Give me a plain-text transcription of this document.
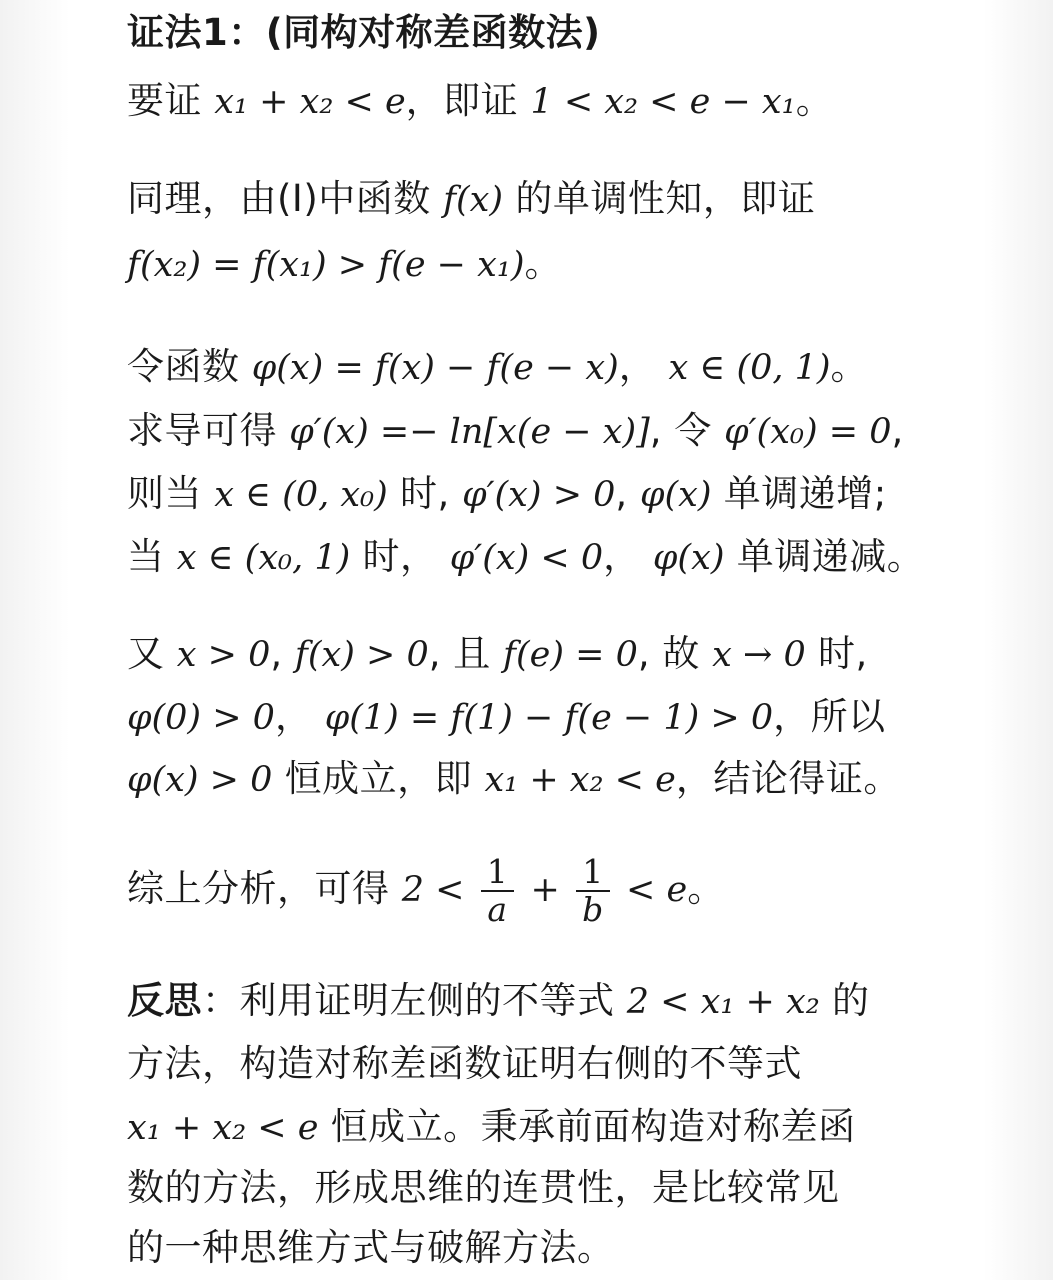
证法1：(同构对称差函数法)
要证 x₁ + x₂ < e，即证 1 < x₂ < e − x₁。
同理，由(Ⅰ)中函数 f(x) 的单调性知，即证
f(x₂) = f(x₁) > f(e − x₁)。
令函数 φ(x) = f(x) − f(e − x)， x ∈ (0, 1)。
求导可得 φ′(x) =− ln[x(e − x)], 令 φ′(x₀) = 0,
则当 x ∈ (0, x₀) 时, φ′(x) > 0, φ(x) 单调递增;
当 x ∈ (x₀, 1) 时， φ′(x) < 0， φ(x) 单调递减。
又 x > 0, f(x) > 0, 且 f(e) = 0, 故 x → 0 时,
φ(0) > 0， φ(1) = f(1) − f(e − 1) > 0，所以
φ(x) > 0 恒成立，即 x₁ + x₂ < e，结论得证。
综上分析，可得 $2 < \frac{1}{a} + \frac{1}{b} < e$。
反思：利用证明左侧的不等式 2 < x₁ + x₂ 的
方法，构造对称差函数证明右侧的不等式
x₁ + x₂ < e 恒成立。秉承前面构造对称差函
数的方法，形成思维的连贯性，是比较常见
的一种思维方式与破解方法。
